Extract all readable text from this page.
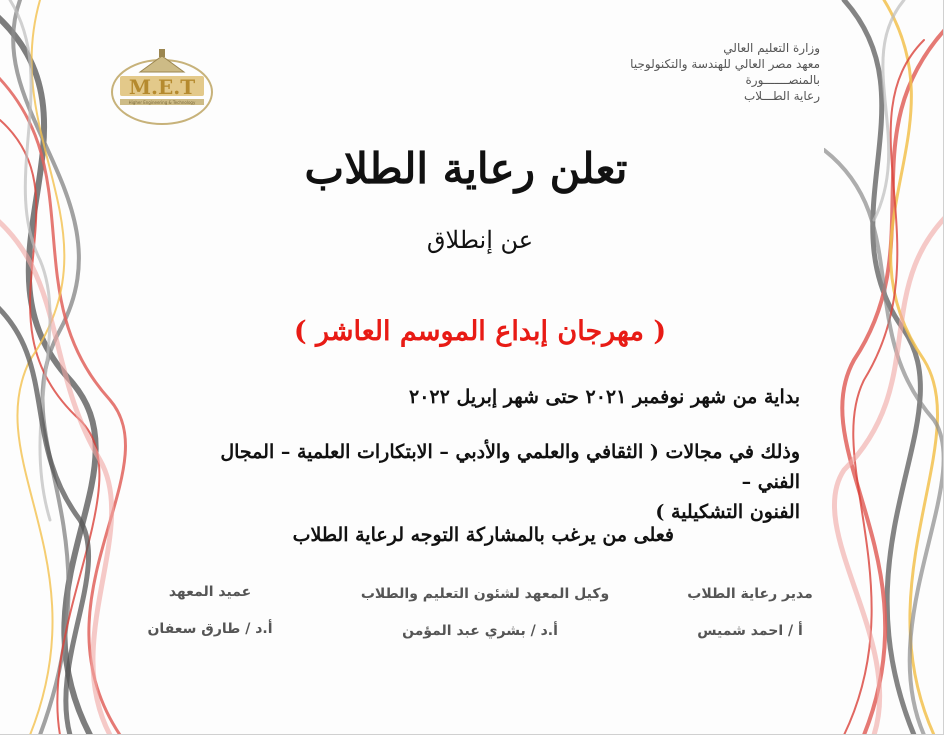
M.E.T
Higher Engineering & Technology
وزارة التعليم العالي
معهد مصر العالي للهندسة والتكنولوجيا
بالمنصـــــــورة
رعاية الطـــلاب
تعلن رعاية الطلاب
عن إنطلاق
( مهرجان إبداع الموسم العاشر )
بداية من شهر نوفمبر ٢٠٢١ حتى شهر إبريل ٢٠٢٢
وذلك في مجالات ( الثقافي والعلمي والأدبي – الابتكارات العلمية – المجال الفني –
الفنون التشكيلية )
فعلى من يرغب بالمشاركة التوجه لرعاية الطلاب
مدير رعاية الطلاب
أ / احمد شميس
وكيل المعهد لشئون التعليم والطلاب
أ.د / بشري عبد المؤمن
عميد المعهد
أ.د / طارق سعفان
